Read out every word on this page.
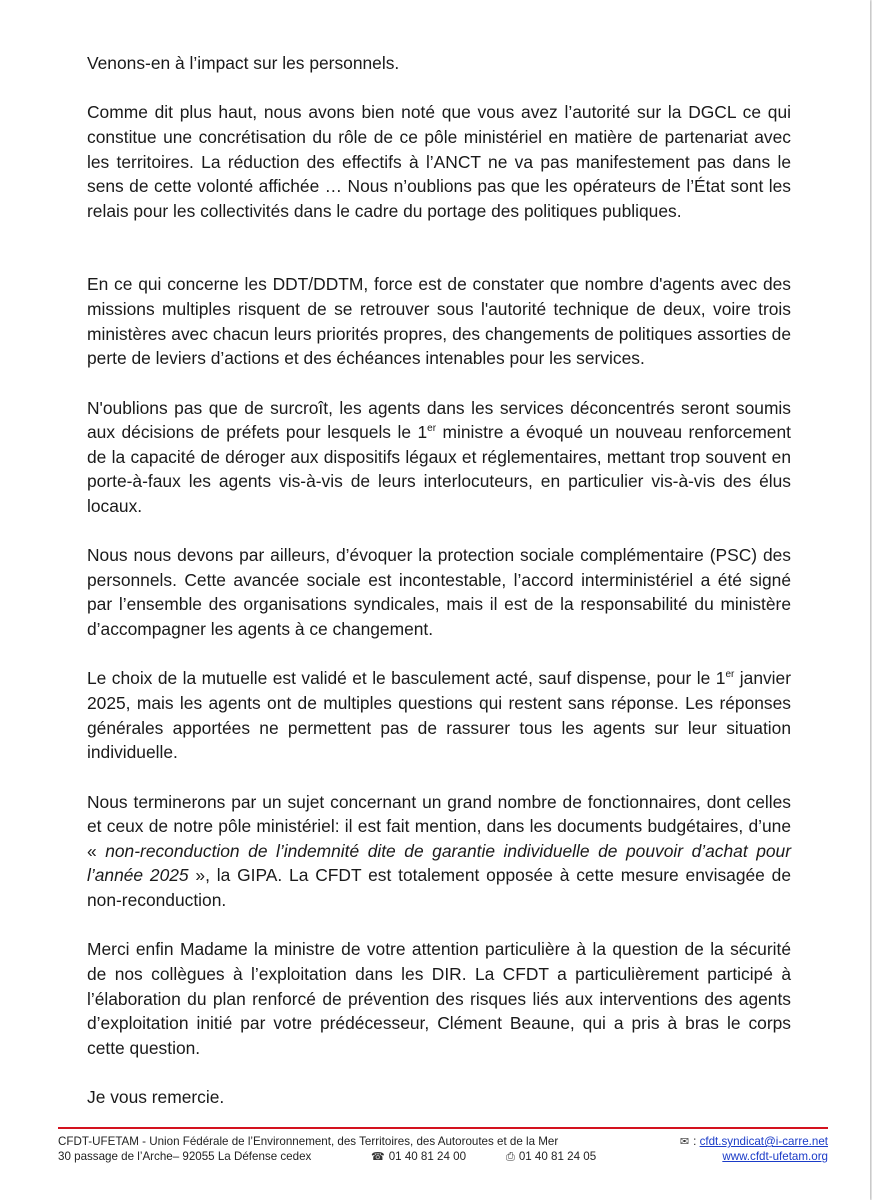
Venons-en à l’impact sur les personnels.

Comme dit plus haut, nous avons bien noté que vous avez l’autorité sur la DGCL ce qui constitue une concrétisation du rôle de ce pôle ministériel en matière de partenariat avec les territoires. La réduction des effectifs à l’ANCT ne va pas manifestement pas dans le sens de cette volonté affichée … Nous n’oublions pas que les opérateurs de l’État sont les relais pour les collectivités dans le cadre du portage des politiques publiques.

En ce qui concerne les DDT/DDTM, force est de constater que nombre d'agents avec des missions multiples risquent de se retrouver sous l'autorité technique de deux, voire trois ministères avec chacun leurs priorités propres, des changements de politiques assorties de perte de leviers d’actions et des échéances intenables pour les services.

N'oublions pas que de surcroît, les agents dans les services déconcentrés seront soumis aux décisions de préfets pour lesquels le 1er ministre a évoqué un nouveau renforcement de la capacité de déroger aux dispositifs légaux et réglementaires, mettant trop souvent en porte-à-faux les agents vis-à-vis de leurs interlocuteurs, en particulier vis-à-vis des élus locaux.

Nous nous devons par ailleurs, d’évoquer la protection sociale complémentaire (PSC) des personnels. Cette avancée sociale est incontestable, l’accord interministériel a été signé par l’ensemble des organisations syndicales, mais il est de la responsabilité du ministère d’accompagner les agents à ce changement.

Le choix de la mutuelle est validé et le basculement acté, sauf dispense, pour le 1er janvier 2025, mais les agents ont de multiples questions qui restent sans réponse. Les réponses générales apportées ne permettent pas de rassurer tous les agents sur leur situation individuelle.

Nous terminerons par un sujet concernant un grand nombre de fonctionnaires, dont celles et ceux de notre pôle ministériel: il est fait mention, dans les documents budgétaires, d’une « non-reconduction de l’indemnité dite de garantie individuelle de pouvoir d’achat pour l’année 2025 », la GIPA. La CFDT est totalement opposée à cette mesure envisagée de non-reconduction.

Merci enfin Madame la ministre de votre attention particulière à la question de la sécurité de nos collègues à l’exploitation dans les DIR. La CFDT a particulièrement participé à l’élaboration du plan renforcé de prévention des risques liés aux interventions des agents d’exploitation initié par votre prédécesseur, Clément Beaune, qui a pris à bras le corps cette question.

Je vous remercie.

CFDT-UFETAM - Union Fédérale de l’Environnement, des Territoires, des Autoroutes et de la Mer	✉ : cfdt.syndicat@i-carre.net
30 passage de l’Arche– 92055 La Défense cedex	☎ 01 40 81 24 00	⎙ 01 40 81 24 05	www.cfdt-ufetam.org
